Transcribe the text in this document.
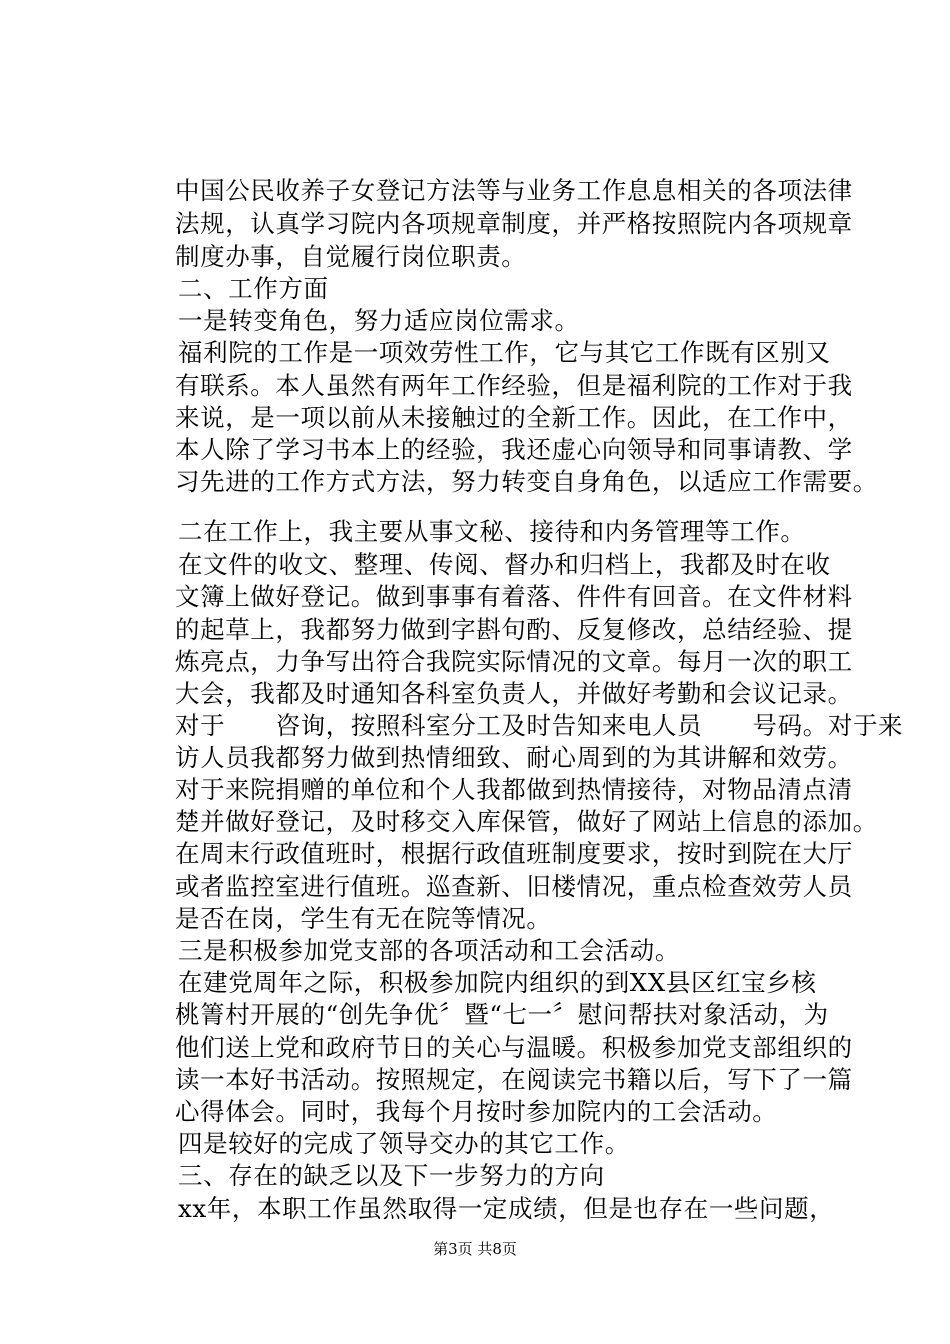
中国公民收养子女登记方法等与业务工作息息相关的各项法律
法规，认真学习院内各项规章制度，并严格按照院内各项规章
制度办事，自觉履行岗位职责。
二、工作方面
一是转变角色，努力适应岗位需求。
福利院的工作是一项效劳性工作，它与其它工作既有区别又
有联系。本人虽然有两年工作经验，但是福利院的工作对于我
来说，是一项以前从未接触过的全新工作。因此，在工作中，
本人除了学习书本上的经验，我还虚心向领导和同事请教、学
习先进的工作方式方法，努力转变自身角色，以适应工作需要。
二在工作上，我主要从事文秘、接待和内务管理等工作。
在文件的收文、整理、传阅、督办和归档上，我都及时在收
文簿上做好登记。做到事事有着落、件件有回音。在文件材料
的起草上，我都努力做到字斟句酌、反复修改，总结经验、提
炼亮点，力争写出符合我院实际情况的文章。每月一次的职工
大会，我都及时通知各科室负责人，并做好考勤和会议记录。
对于      咨询，按照科室分工及时告知来电人员      号码。对于来
访人员我都努力做到热情细致、耐心周到的为其讲解和效劳。
对于来院捐赠的单位和个人我都做到热情接待，对物品清点清
楚并做好登记，及时移交入库保管，做好了网站上信息的添加。
在周末行政值班时，根据行政值班制度要求，按时到院在大厅
或者监控室进行值班。巡查新、旧楼情况，重点检查效劳人员
是否在岗，学生有无在院等情况。
三是积极参加党支部的各项活动和工会活动。
在建党周年之际，积极参加院内组织的到XX县区红宝乡核
桃箐村开展的“创先争优〞暨“七一〞慰问帮扶对象活动，为
他们送上党和政府节日的关心与温暖。积极参加党支部组织的
读一本好书活动。按照规定，在阅读完书籍以后，写下了一篇
心得体会。同时，我每个月按时参加院内的工会活动。
四是较好的完成了领导交办的其它工作。
三、存在的缺乏以及下一步努力的方向
xx年，本职工作虽然取得一定成绩，但是也存在一些问题，
第3页 共8页
